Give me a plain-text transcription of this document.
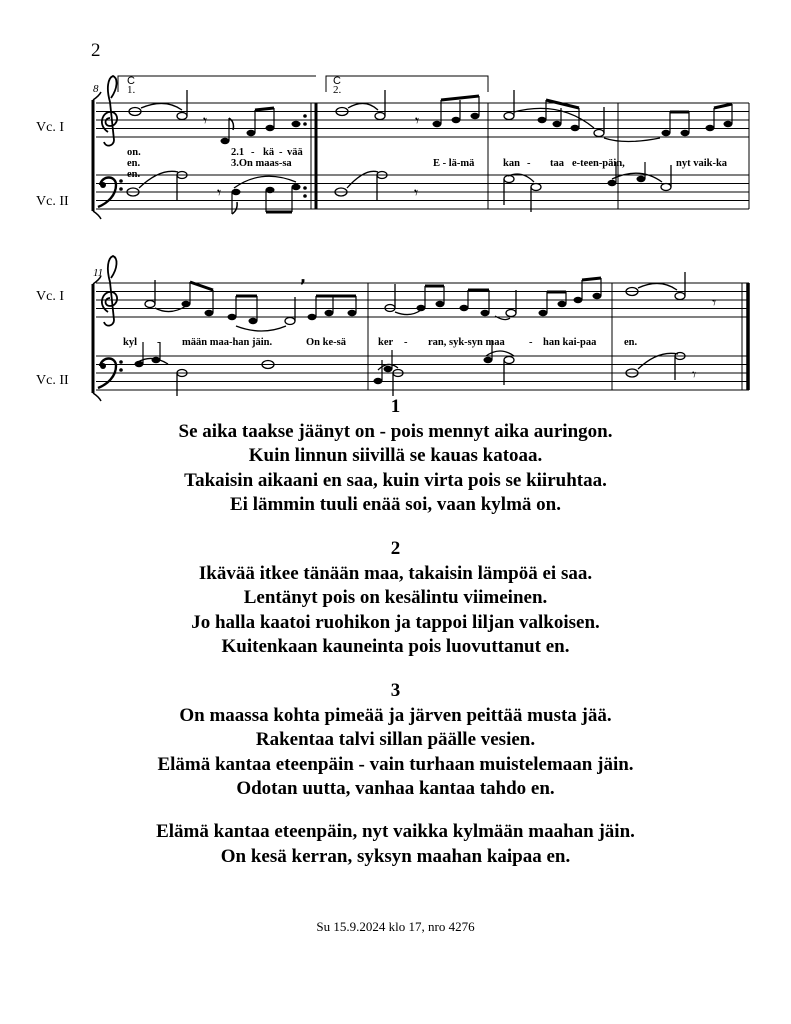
2
8
Vc. I
Vc. II
1.	2.
C	C
𝄾	𝄾
𝄾	𝄾
on.	2.1 - kä - vää
en.	3.On maas-sa
en.
E - lä-mä	kan - taa e-teen-päin,	nyt vaik-ka
11
Vc. I
Vc. II
,
𝄾
𝄾
kyl - mään maa-han jäin.	On ke-sä	ker - ran, syk-syn maa - han kai-paa	en.
1
Se aika taakse jäänyt on - pois mennyt aika auringon.
Kuin linnun siivillä se kauas katoaa.
Takaisin aikaani en saa, kuin virta pois se kiiruhtaa.
Ei lämmin tuuli enää soi, vaan kylmä on.
2
Ikävää itkee tänään maa, takaisin lämpöä ei saa.
Lentänyt pois on kesälintu viimeinen.
Jo halla kaatoi ruohikon ja tappoi liljan valkoisen.
Kuitenkaan kauneinta pois luovuttanut en.
3
On maassa kohta pimeää ja järven peittää musta jää.
Rakentaa talvi sillan päälle vesien.
Elämä kantaa eteenpäin - vain turhaan muistelemaan jäin.
Odotan uutta, vanhaa kantaa tahdo en.
Elämä kantaa eteenpäin, nyt vaikka kylmään maahan jäin.
On kesä kerran, syksyn maahan kaipaa en.
Su 15.9.2024 klo 17, nro 4276
